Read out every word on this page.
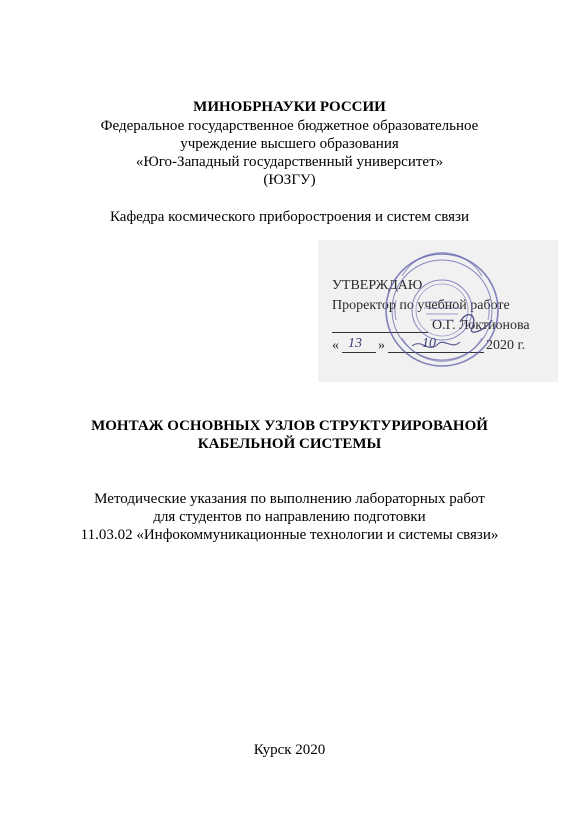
МИНОБРНАУКИ РОССИИ
Федеральное государственное бюджетное образовательное
учреждение высшего образования
«Юго-Западный государственный университет»
(ЮЗГУ)
Кафедра космического приборостроения и систем связи
УТВЕРЖДАЮ
Проректор по учебной работе
О.Г. Локтионова
« 13 »	10	2020 г.
МОНТАЖ ОСНОВНЫХ УЗЛОВ СТРУКТУРИРОВАНОЙ
КАБЕЛЬНОЙ СИСТЕМЫ
Методические указания по выполнению лабораторных работ
для студентов по направлению подготовки
11.03.02 «Инфокоммуникационные технологии и системы связи»
Курск 2020
